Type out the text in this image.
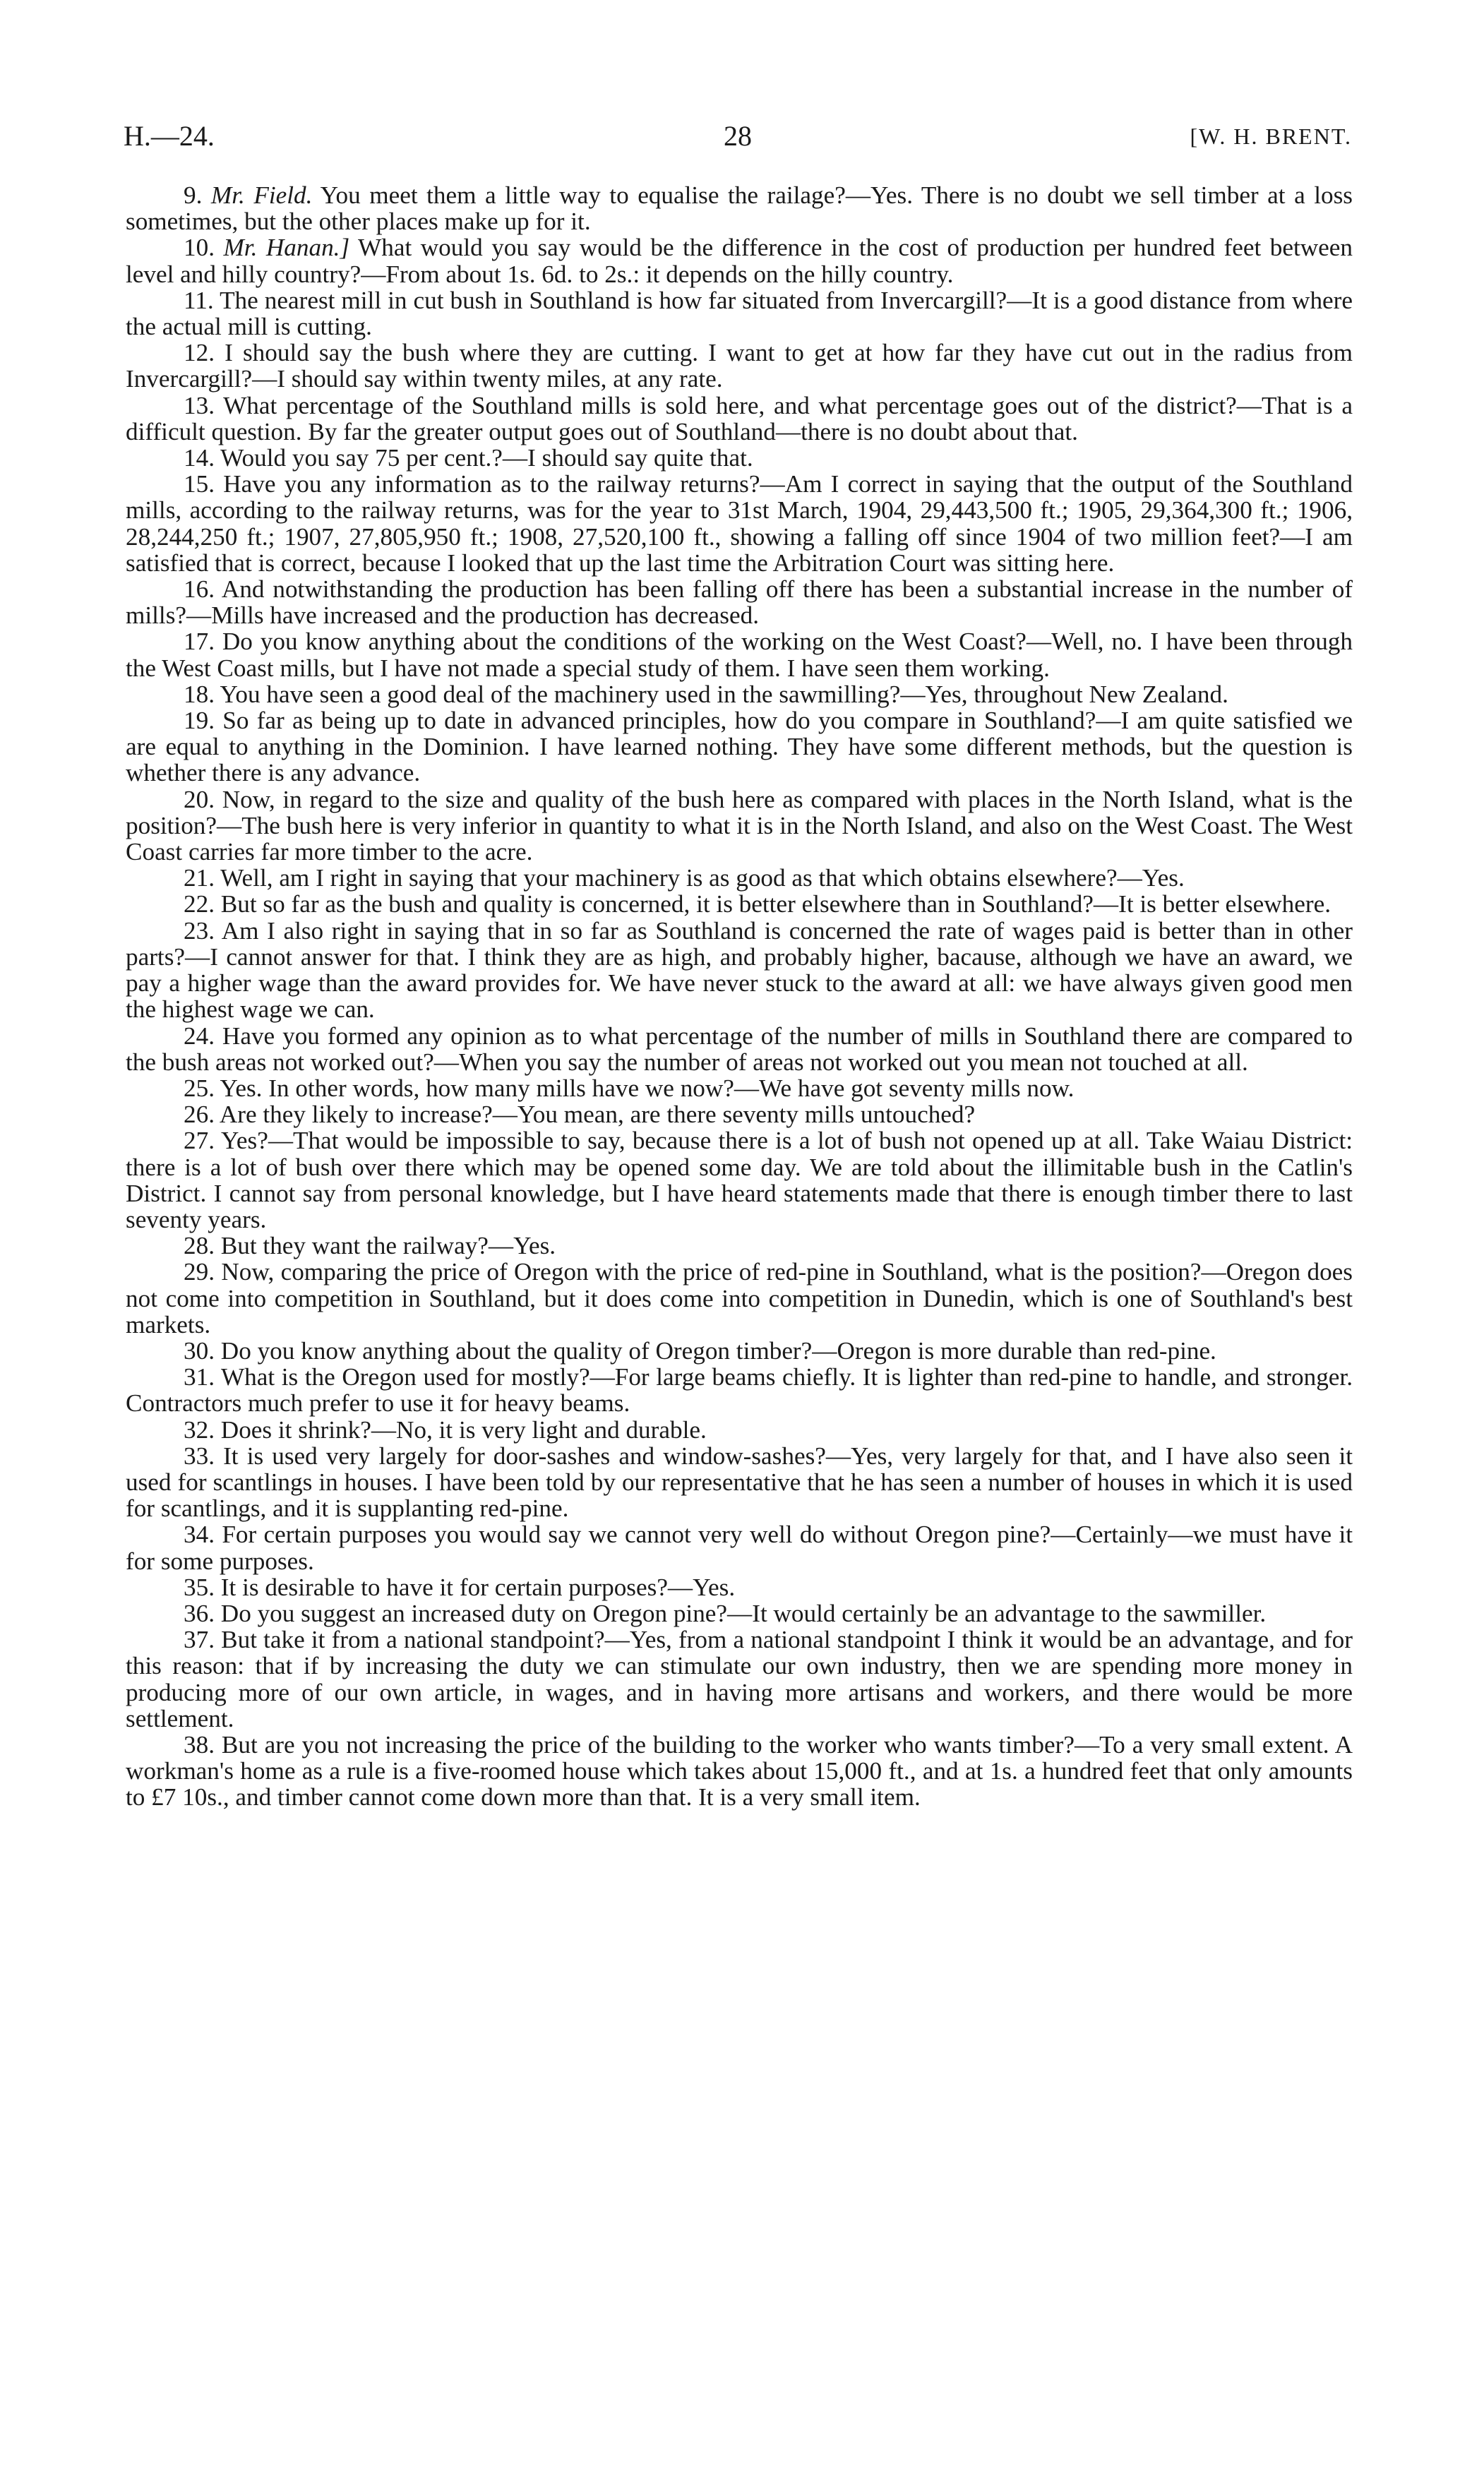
H.—24.	28	[W. H. BRENT.

9. Mr. Field. You meet them a little way to equalise the railage?—Yes. There is no doubt we sell timber at a loss sometimes, but the other places make up for it.

10. Mr. Hanan.] What would you say would be the difference in the cost of production per hundred feet between level and hilly country?—From about 1s. 6d. to 2s.: it depends on the hilly country.

11. The nearest mill in cut bush in Southland is how far situated from Invercargill?—It is a good distance from where the actual mill is cutting.

12. I should say the bush where they are cutting. I want to get at how far they have cut out in the radius from Invercargill?—I should say within twenty miles, at any rate.

13. What percentage of the Southland mills is sold here, and what percentage goes out of the district?—That is a difficult question. By far the greater output goes out of Southland—there is no doubt about that.

14. Would you say 75 per cent.?—I should say quite that.

15. Have you any information as to the railway returns?—Am I correct in saying that the output of the Southland mills, according to the railway returns, was for the year to 31st March, 1904, 29,443,500 ft.; 1905, 29,364,300 ft.; 1906, 28,244,250 ft.; 1907, 27,805,950 ft.; 1908, 27,520,100 ft., showing a falling off since 1904 of two million feet?—I am satisfied that is correct, because I looked that up the last time the Arbitration Court was sitting here.

16. And notwithstanding the production has been falling off there has been a substantial increase in the number of mills?—Mills have increased and the production has decreased.

17. Do you know anything about the conditions of the working on the West Coast?—Well, no. I have been through the West Coast mills, but I have not made a special study of them. I have seen them working.

18. You have seen a good deal of the machinery used in the sawmilling?—Yes, throughout New Zealand.

19. So far as being up to date in advanced principles, how do you compare in Southland?—I am quite satisfied we are equal to anything in the Dominion. I have learned nothing. They have some different methods, but the question is whether there is any advance.

20. Now, in regard to the size and quality of the bush here as compared with places in the North Island, what is the position?—The bush here is very inferior in quantity to what it is in the North Island, and also on the West Coast. The West Coast carries far more timber to the acre.

21. Well, am I right in saying that your machinery is as good as that which obtains elsewhere?—Yes.

22. But so far as the bush and quality is concerned, it is better elsewhere than in Southland?—It is better elsewhere.

23. Am I also right in saying that in so far as Southland is concerned the rate of wages paid is better than in other parts?—I cannot answer for that. I think they are as high, and probably higher, bacause, although we have an award, we pay a higher wage than the award provides for. We have never stuck to the award at all: we have always given good men the highest wage we can.

24. Have you formed any opinion as to what percentage of the number of mills in Southland there are compared to the bush areas not worked out?—When you say the number of areas not worked out you mean not touched at all.

25. Yes. In other words, how many mills have we now?—We have got seventy mills now.

26. Are they likely to increase?—You mean, are there seventy mills untouched?

27. Yes?—That would be impossible to say, because there is a lot of bush not opened up at all. Take Waiau District: there is a lot of bush over there which may be opened some day. We are told about the illimitable bush in the Catlin's District. I cannot say from personal knowledge, but I have heard statements made that there is enough timber there to last seventy years.

28. But they want the railway?—Yes.

29. Now, comparing the price of Oregon with the price of red-pine in Southland, what is the position?—Oregon does not come into competition in Southland, but it does come into competition in Dunedin, which is one of Southland's best markets.

30. Do you know anything about the quality of Oregon timber?—Oregon is more durable than red-pine.

31. What is the Oregon used for mostly?—For large beams chiefly. It is lighter than red-pine to handle, and stronger. Contractors much prefer to use it for heavy beams.

32. Does it shrink?—No, it is very light and durable.

33. It is used very largely for door-sashes and window-sashes?—Yes, very largely for that, and I have also seen it used for scantlings in houses. I have been told by our representative that he has seen a number of houses in which it is used for scantlings, and it is supplanting red-pine.

34. For certain purposes you would say we cannot very well do without Oregon pine?—Certainly—we must have it for some purposes.

35. It is desirable to have it for certain purposes?—Yes.

36. Do you suggest an increased duty on Oregon pine?—It would certainly be an advantage to the sawmiller.

37. But take it from a national standpoint?—Yes, from a national standpoint I think it would be an advantage, and for this reason: that if by increasing the duty we can stimulate our own industry, then we are spending more money in producing more of our own article, in wages, and in having more artisans and workers, and there would be more settlement.

38. But are you not increasing the price of the building to the worker who wants timber?—To a very small extent. A workman's home as a rule is a five-roomed house which takes about 15,000 ft., and at 1s. a hundred feet that only amounts to £7 10s., and timber cannot come down more than that. It is a very small item.
